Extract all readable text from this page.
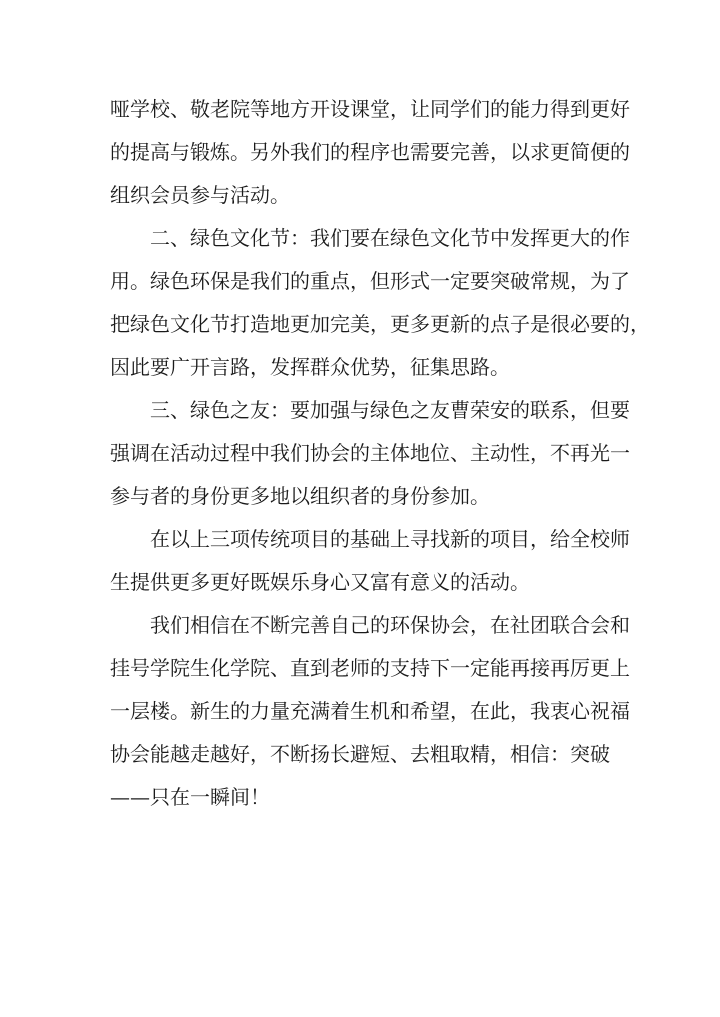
哑学校、敬老院等地方开设课堂，让同学们的能力得到更好
的提高与锻炼。另外我们的程序也需要完善，以求更简便的
组织会员参与活动。
二、绿色文化节：我们要在绿色文化节中发挥更大的作
用。绿色环保是我们的重点，但形式一定要突破常规，为了
把绿色文化节打造地更加完美，更多更新的点子是很必要的，
因此要广开言路，发挥群众优势，征集思路。
三、绿色之友：要加强与绿色之友曹荣安的联系，但要
强调在活动过程中我们协会的主体地位、主动性，不再光一
参与者的身份更多地以组织者的身份参加。
在以上三项传统项目的基础上寻找新的项目，给全校师
生提供更多更好既娱乐身心又富有意义的活动。
我们相信在不断完善自己的环保协会，在社团联合会和
挂号学院生化学院、直到老师的支持下一定能再接再厉更上
一层楼。新生的力量充满着生机和希望，在此，我衷心祝福
协会能越走越好，不断扬长避短、去粗取精，相信：突破
——只在一瞬间！
